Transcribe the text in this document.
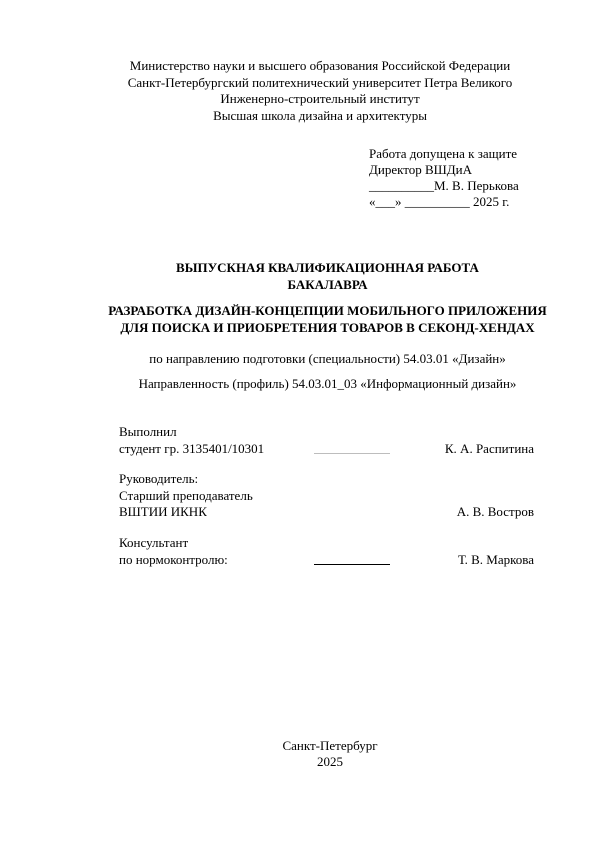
Министерство науки и высшего образования Российской Федерации
Санкт-Петербургский политехнический университет Петра Великого
Инженерно-строительный институт
Высшая школа дизайна и архитектуры
Работа допущена к защите
Директор ВШДиА
__________М. В. Перькова
«___» __________ 2025 г.
ВЫПУСКНАЯ КВАЛИФИКАЦИОННАЯ РАБОТА
БАКАЛАВРА
РАЗРАБОТКА ДИЗАЙН-КОНЦЕПЦИИ МОБИЛЬНОГО ПРИЛОЖЕНИЯ
ДЛЯ ПОИСКА И ПРИОБРЕТЕНИЯ ТОВАРОВ В СЕКОНД-ХЕНДАХ
по направлению подготовки (специальности) 54.03.01 «Дизайн»
Направленность (профиль) 54.03.01_03 «Информационный дизайн»
Выполнил
студент гр. 3135401/10301	К. А. Распитина
Руководитель:
Старший преподаватель
ВШТИИ ИКНК	А. В. Востров
Консультант
по нормоконтролю:	Т. В. Маркова
Санкт-Петербург
2025
